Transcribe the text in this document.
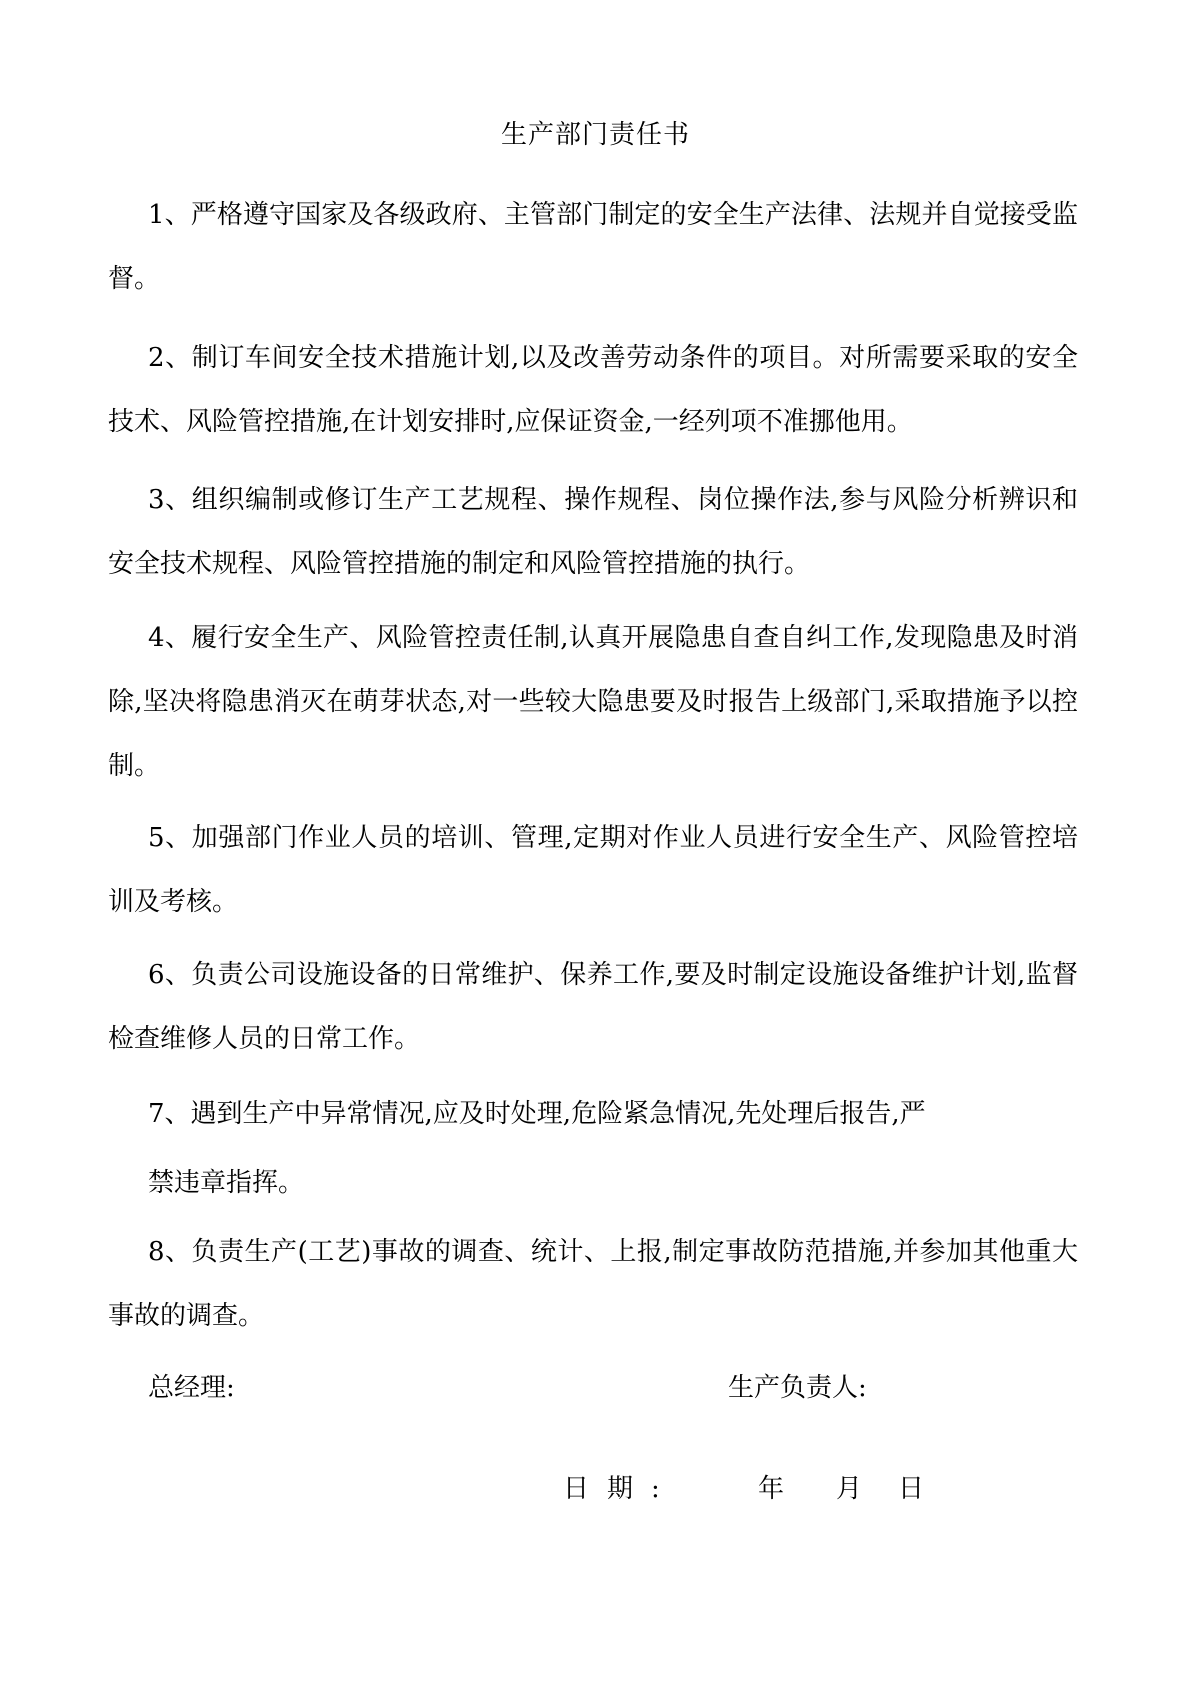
生产部门责任书

1、严格遵守国家及各级政府、主管部门制定的安全生产法律、法规并自觉接受监督。

2、制订车间安全技术措施计划,以及改善劳动条件的项目。对所需要采取的安全技术、风险管控措施,在计划安排时,应保证资金,一经列项不准挪他用。

3、组织编制或修订生产工艺规程、操作规程、岗位操作法,参与风险分析辨识和安全技术规程、风险管控措施的制定和风险管控措施的执行。

4、履行安全生产、风险管控责任制,认真开展隐患自查自纠工作,发现隐患及时消除,坚决将隐患消灭在萌芽状态,对一些较大隐患要及时报告上级部门,采取措施予以控制。

5、加强部门作业人员的培训、管理,定期对作业人员进行安全生产、风险管控培训及考核。

6、负责公司设施设备的日常维护、保养工作,要及时制定设施设备维护计划,监督检查维修人员的日常工作。

7、遇到生产中异常情况,应及时处理,危险紧急情况,先处理后报告,严

禁违章指挥。

8、负责生产(工艺)事故的调查、统计、上报,制定事故防范措施,并参加其他重大事故的调查。

总经理:	生产负责人:
日期:	年	月	日
